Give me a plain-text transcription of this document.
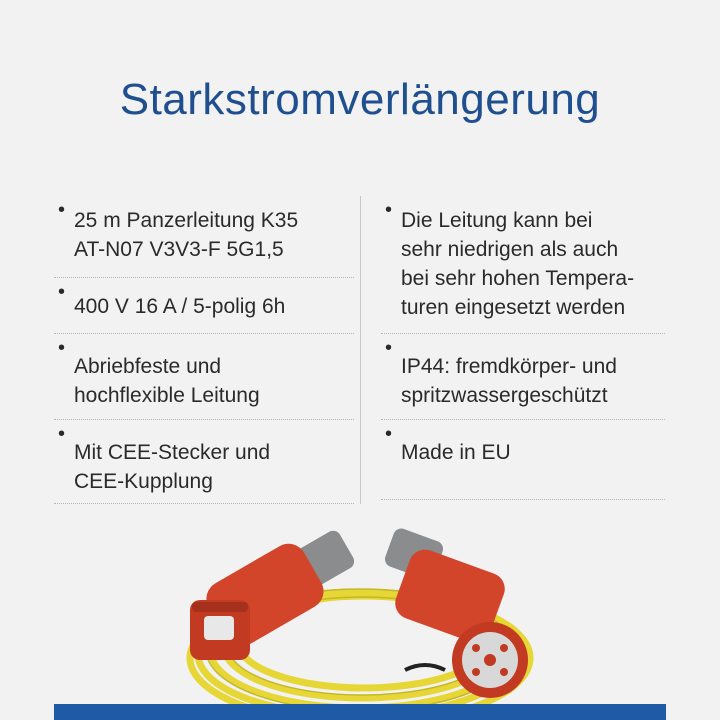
Starkstromverlängerung
• 25 m Panzerleitung K35
AT-N07 V3V3-F 5G1,5
• 400 V 16 A / 5-polig 6h
• Abriebfeste und
hochflexible Leitung
• Mit CEE-Stecker und
CEE-Kupplung
• Die Leitung kann bei
sehr niedrigen als auch
bei sehr hohen Tempera-
turen eingesetzt werden
• IP44: fremdkörper- und
spritzwassergeschützt
• Made in EU
